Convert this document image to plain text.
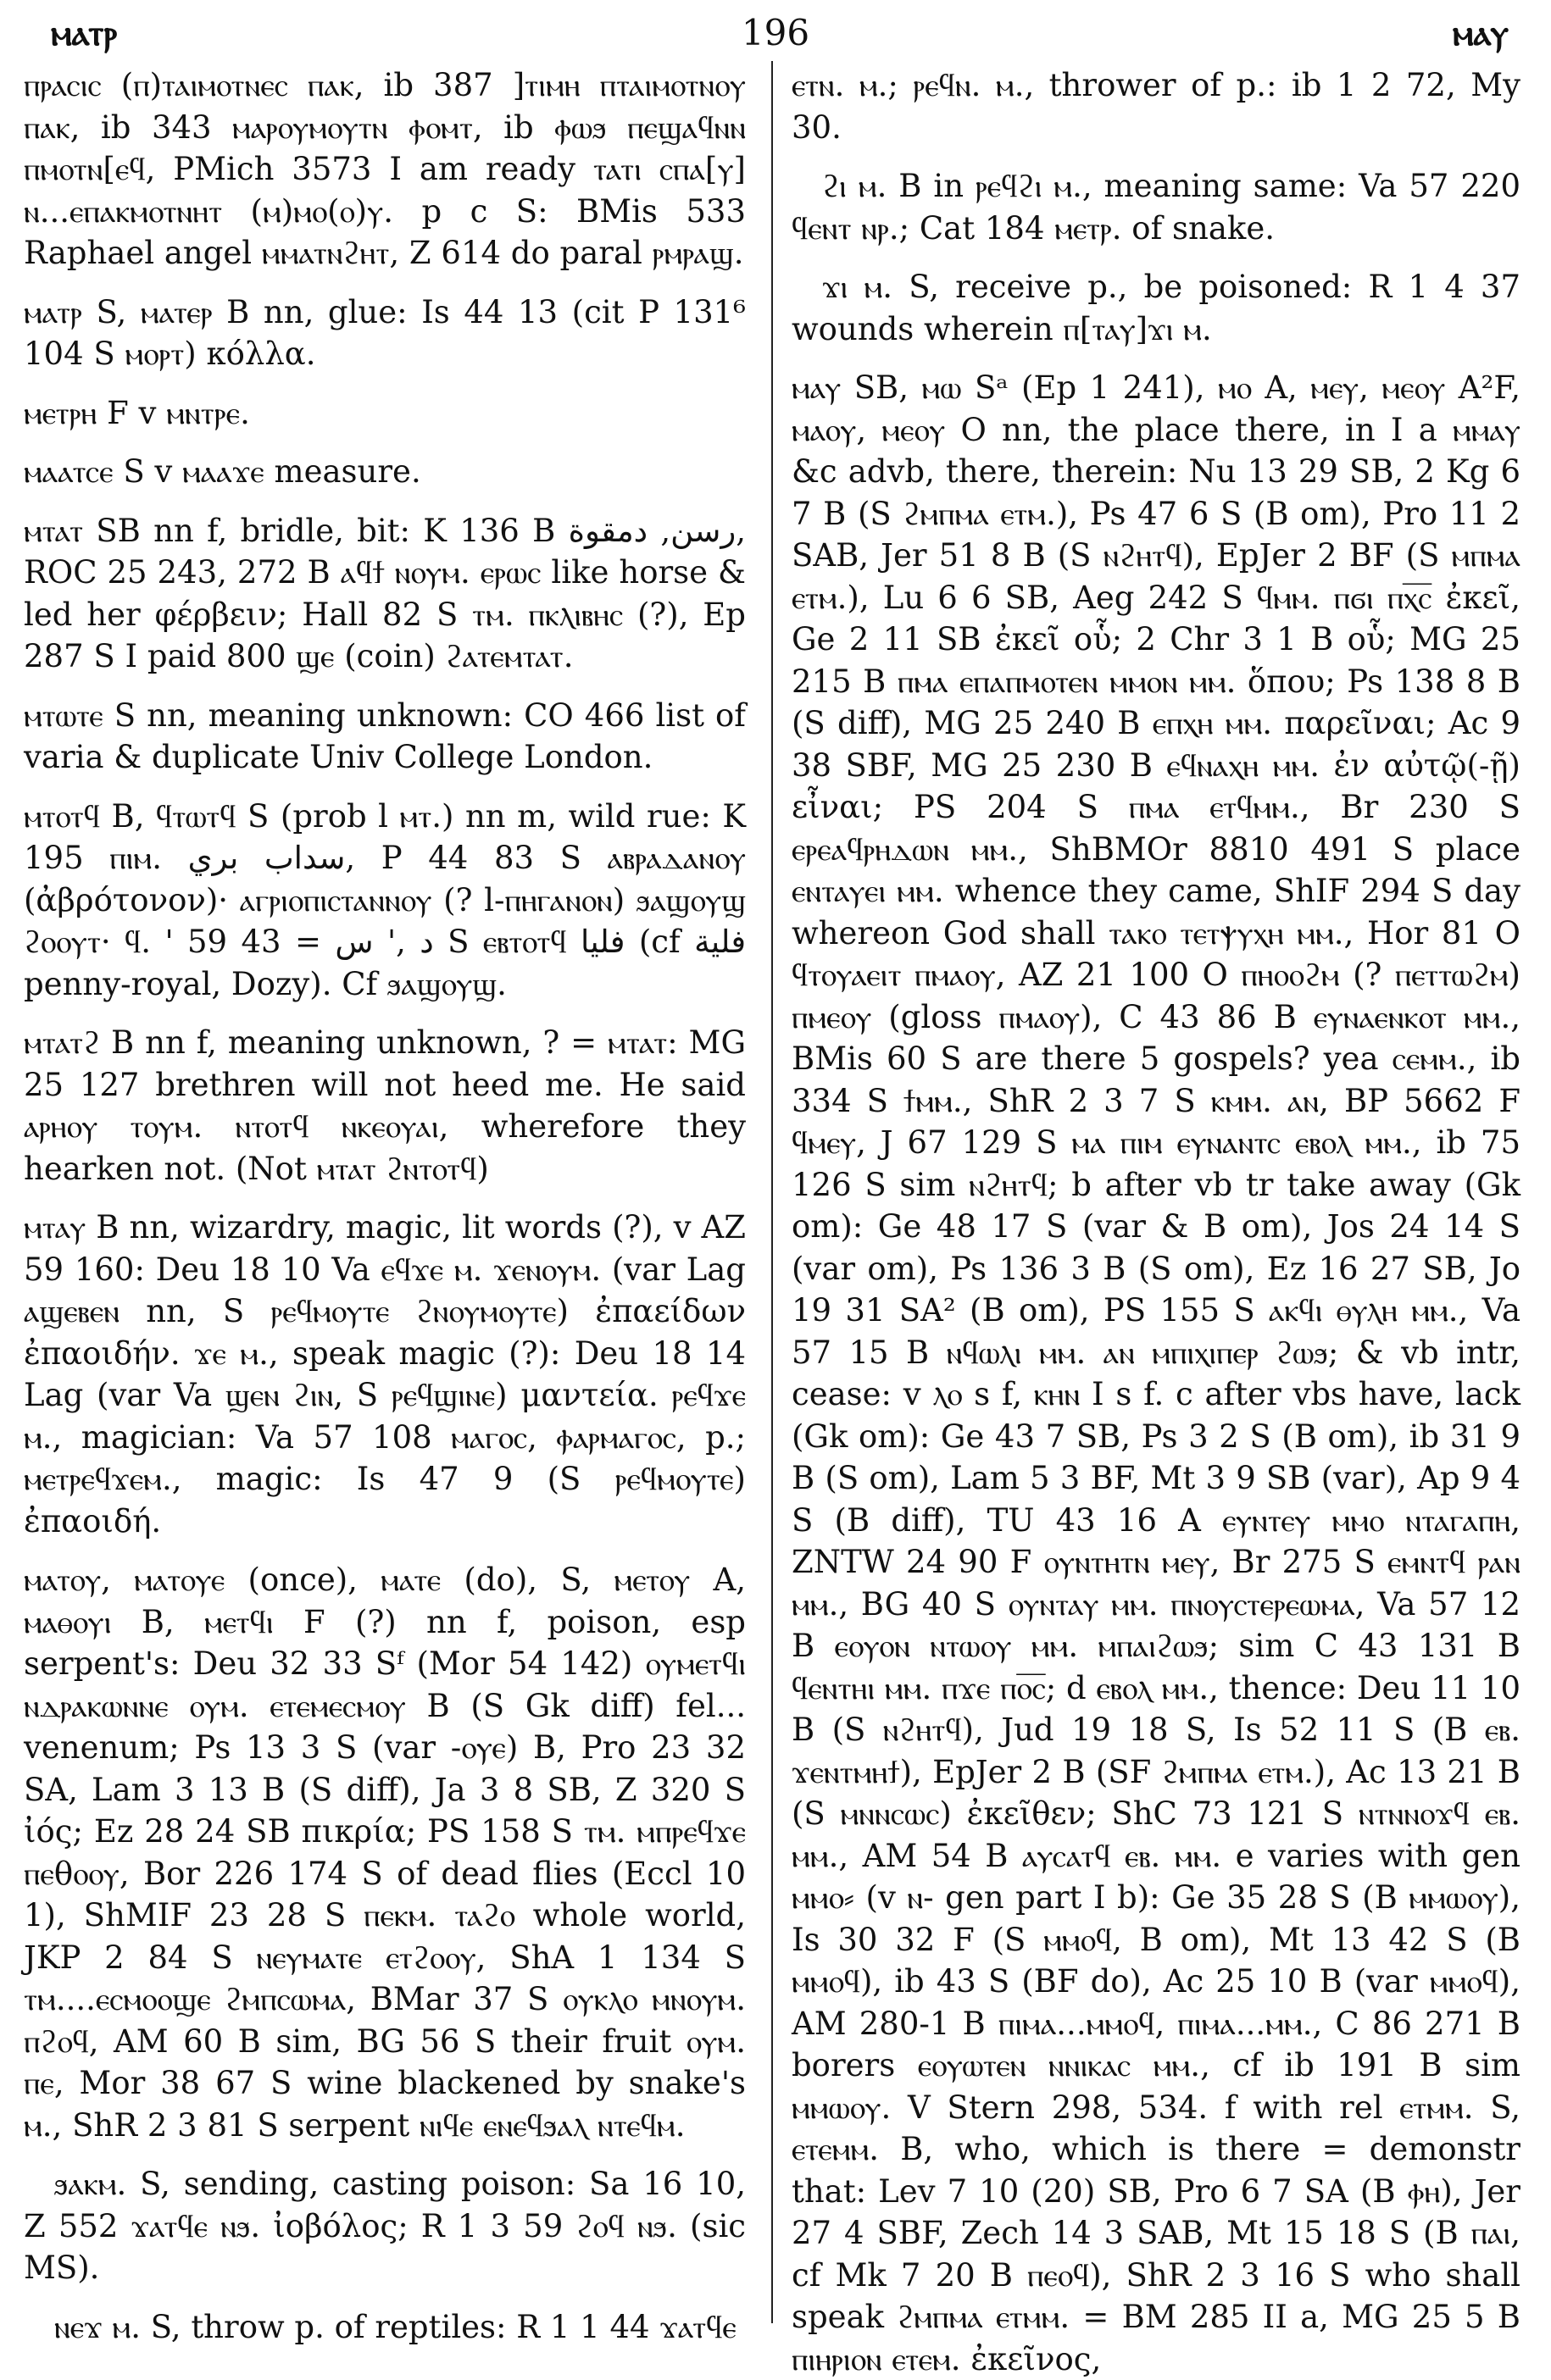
ⲙⲁⲧⲣ	196	ⲙⲁⲩ

ⲡⲣⲁⲥⲓⲥ (ⲡ)ⲧⲁⲓⲙⲟⲧⲛⲉⲥ ⲡⲁⲕ, ib 387 ]ⲧⲓⲙⲏ ⲡⲧⲁⲓⲙⲟⲧⲛⲟⲩ ⲡⲁⲕ, ib 343 ⲙⲁⲣⲟⲩⲙⲟⲩⲧⲛ ⲫⲟⲙⲧ, ib ⲫⲱϧ ⲡⲉϣⲁϥⲛⲛ ⲡⲙⲟⲧⲛ[ⲉϥ, PMich 3573 I am ready ⲧⲁⲧⲓ ⲥⲡⲁ[ⲩ] ⲛ...ⲉⲡⲁⲕⲙⲟⲧⲛⲏⲧ (ⲙ)ⲙⲟ(ⲟ)ⲩ. p c S: BMis 533 Raphael angel ⲙⲙⲁⲧⲛϩⲏⲧ, Z 614 do paral ⲣⲙⲣⲁϣ.

ⲙⲁⲧⲣ S, ⲙⲁⲧⲉⲣ B nn, glue: Is 44 13 (cit P 131⁶ 104 S ⲙⲟⲣⲧ) κόλλα.

ⲙⲉⲧⲣⲏ F v ⲙⲛⲧⲣⲉ.

ⲙⲁⲁⲧⲥⲉ S v ⲙⲁⲁϫⲉ measure.

ⲙⲧⲁⲧ SB nn f, bridle, bit: K 136 B رسن, دمقوة, ROC 25 243, 272 B ⲁϥϯ ⲛⲟⲩⲙ. ⲉⲣⲱⲥ like horse & led her φέρβειν; Hall 82 S ⲧⲙ. ⲡⲕⲗⲓⲃⲏⲥ (?), Ep 287 S I paid 800 ϣⲉ (coin) ϩⲁⲧⲉⲙⲧⲁⲧ.

ⲙⲧⲱⲧⲉ S nn, meaning unknown: CO 466 list of varia & duplicate Univ College London.

ⲙⲧⲟⲧϥ B, ϥⲧⲱⲧϥ S (prob l ⲙⲧ.) nn m, wild rue: K 195 ⲡⲓⲙ. سداب بري, P 44 83 S ⲁⲃⲣⲁⲇⲁⲛⲟⲩ (ἀβρότονον)· ⲁⲅⲣⲓⲟⲡⲓⲥⲧⲁⲛⲛⲟⲩ (? l-ⲡⲏⲅⲁⲛⲟⲛ) ϧⲁϣⲟⲩϣ ϩⲟⲟⲩⲧ· ϥ. ' د ,' س = 43 59 S ⲉⲃⲧⲟⲧϥ فليا (cf فلية penny-royal, Dozy). Cf ϧⲁϣⲟⲩϣ.

ⲙⲧⲁⲧϩ B nn f, meaning unknown, ? = ⲙⲧⲁⲧ: MG 25 127 brethren will not heed me. He said ⲁⲣⲏⲟⲩ ⲧⲟⲩⲙ. ⲛⲧⲟⲧϥ ⲛⲕⲉⲟⲩⲁⲓ, wherefore they hearken not. (Not ⲙⲧⲁⲧ ϩⲛⲧⲟⲧϥ)

ⲙⲧⲁⲩ B nn, wizardry, magic, lit words (?), v AZ 59 160: Deu 18 10 Va ⲉϥϫⲉ ⲙ. ϫⲉⲛⲟⲩⲙ. (var Lag ⲁϣⲉⲃⲉⲛ nn, S ⲣⲉϥⲙⲟⲩⲧⲉ ϩⲛⲟⲩⲙⲟⲩⲧⲉ) ἐπαείδων ἐπαοιδήν. ϫⲉ ⲙ., speak magic (?): Deu 18 14 Lag (var Va ϣⲉⲛ ϩⲓⲛ, S ⲣⲉϥϣⲓⲛⲉ) μαντεία. ⲣⲉϥϫⲉ ⲙ., magician: Va 57 108 ⲙⲁⲅⲟⲥ, ⲫⲁⲣⲙⲁⲅⲟⲥ, p.; ⲙⲉⲧⲣⲉϥϫⲉⲙ., magic: Is 47 9 (S ⲣⲉϥⲙⲟⲩⲧⲉ) ἐπαοιδή.

ⲙⲁⲧⲟⲩ, ⲙⲁⲧⲟⲩⲉ (once), ⲙⲁⲧⲉ (do), S, ⲙⲉⲧⲟⲩ A, ⲙⲁⲑⲟⲩⲓ B, ⲙⲉⲧϥⲓ F (?) nn f, poison, esp serpent's: Deu 32 33 Sᶠ (Mor 54 142) ⲟⲩⲙⲉⲧϥⲓ ⲛⲇⲣⲁⲕⲱⲛⲛⲉ ⲟⲩⲙ. ⲉⲧⲉⲙⲉⲥⲙⲟⲩ B (S Gk diff) fel... venenum; Ps 13 3 S (var -ⲟⲩⲉ) B, Pro 23 32 SA, Lam 3 13 B (S diff), Ja 3 8 SB, Z 320 S ἰός; Ez 28 24 SB πικρία; PS 158 S ⲧⲙ. ⲙⲡⲣⲉϥϫⲉ ⲡⲉθⲟⲟⲩ, Bor 226 174 S of dead flies (Eccl 10 1), ShMIF 23 28 S ⲡⲉⲕⲙ. ⲧⲁϩⲟ whole world, JKP 2 84 S ⲛⲉⲩⲙⲁⲧⲉ ⲉⲧϩⲟⲟⲩ, ShA 1 134 S ⲧⲙ....ⲉⲥⲙⲟⲟϣⲉ ϩⲙⲡⲥⲱⲙⲁ, BMar 37 S ⲟⲩⲕⲗⲟ ⲙⲛⲟⲩⲙ. ⲡϩⲟϥ, AM 60 B sim, BG 56 S their fruit ⲟⲩⲙ. ⲡⲉ, Mor 38 67 S wine blackened by snake's ⲙ., ShR 2 3 81 S serpent ⲛⲓϥⲉ ⲉⲛⲉϥϧⲁⲗ ⲛⲧⲉϥⲙ.

ϧⲁⲕⲙ. S, sending, casting poison: Sa 16 10, Z 552 ϫⲁⲧϥⲉ ⲛϧ. ἰοβόλος; R 1 3 59 ϩⲟϥ ⲛϧ. (sic MS).

ⲛⲉϫ ⲙ. S, throw p. of reptiles: R 1 1 44 ϫⲁⲧϥⲉ

ⲉⲧⲛ. ⲙ.; ⲣⲉϥⲛ. ⲙ., thrower of p.: ib 1 2 72, My 30.

ϩⲓ ⲙ. B in ⲣⲉϥϩⲓ ⲙ., meaning same: Va 57 220 ϥⲉⲛⲧ ⲛⲣ.; Cat 184 ⲙⲉⲧⲣ. of snake.

ϫⲓ ⲙ. S, receive p., be poisoned: R 1 4 37 wounds wherein ⲡ[ⲧⲁⲩ]ϫⲓ ⲙ.

ⲙⲁⲩ SB, ⲙⲱ Sᵃ (Ep 1 241), ⲙⲟ A, ⲙⲉⲩ, ⲙⲉⲟⲩ A²F, ⲙⲁⲟⲩ, ⲙⲉⲟⲩ O nn, the place there, in I a ⲙⲙⲁⲩ &c advb, there, therein: Nu 13 29 SB, 2 Kg 6 7 B (S ϩⲙⲡⲙⲁ ⲉⲧⲙ.), Ps 47 6 S (B om), Pro 11 2 SAB, Jer 51 8 B (S ⲛϩⲏⲧϥ), EpJer 2 BF (S ⲙⲡⲙⲁ ⲉⲧⲙ.), Lu 6 6 SB, Aeg 242 S ϥⲙⲙ. ⲡϭⲓ ⲡⲭ̅ⲥ̅ ἐκεῖ, Ge 2 11 SB ἐκεῖ οὗ; 2 Chr 3 1 B οὗ; MG 25 215 B ⲡⲙⲁ ⲉⲡⲁⲡⲙⲟⲧⲉⲛ ⲙⲙⲟⲛ ⲙⲙ. ὅπου; Ps 138 8 B (S diff), MG 25 240 B ⲉⲡⲭⲏ ⲙⲙ. παρεῖναι; Ac 9 38 SBF, MG 25 230 B ⲉϥⲛⲁⲭⲏ ⲙⲙ. ἐν αὐτῷ(-ῇ) εἶναι; PS 204 S ⲡⲙⲁ ⲉⲧϥⲙⲙ., Br 230 S ⲉⲣⲉⲁϥⲣⲏⲇⲱⲛ ⲙⲙ., ShBMOr 8810 491 S place ⲉⲛⲧⲁⲩⲉⲓ ⲙⲙ. whence they came, ShIF 294 S day whereon God shall ⲧⲁⲕⲟ ⲧⲉⲧⲯⲩⲭⲏ ⲙⲙ., Hor 81 O ϥⲧⲟⲩⲁⲉⲓⲧ ⲡⲙⲁⲟⲩ, AZ 21 100 O ⲡⲏⲟⲟϩⲙ (? ⲡⲉⲧⲧⲱϩⲙ) ⲡⲙⲉⲟⲩ (gloss ⲡⲙⲁⲟⲩ), C 43 86 B ⲉⲩⲛⲁⲉⲛⲕⲟⲧ ⲙⲙ., BMis 60 S are there 5 gospels? yea ⲥⲉⲙⲙ., ib 334 S ϯⲙⲙ., ShR 2 3 7 S ⲕⲙⲙ. ⲁⲛ, BP 5662 F ϥⲙⲉⲩ, J 67 129 S ⲙⲁ ⲡⲓⲙ ⲉⲩⲛⲁⲛⲧⲥ ⲉⲃⲟⲗ ⲙⲙ., ib 75 126 S sim ⲛϩⲏⲧϥ; b after vb tr take away (Gk om): Ge 48 17 S (var & B om), Jos 24 14 S (var om), Ps 136 3 B (S om), Ez 16 27 SB, Jo 19 31 SA² (B om), PS 155 S ⲁⲕϥⲓ ⲑⲩⲗⲏ ⲙⲙ., Va 57 15 B ⲛϥⲱⲗⲓ ⲙⲙ. ⲁⲛ ⲙⲡⲓⲭⲓⲡⲉⲣ ϩⲱϧ; & vb intr, cease: v ⲗⲟ s f, ⲕⲏⲛ I s f. c after vbs have, lack (Gk om): Ge 43 7 SB, Ps 3 2 S (B om), ib 31 9 B (S om), Lam 5 3 BF, Mt 3 9 SB (var), Ap 9 4 S (B diff), TU 43 16 A ⲉⲩⲛⲧⲉⲩ ⲙⲙⲟ ⲛⲧⲁⲅⲁⲡⲏ, ZNTW 24 90 F ⲟⲩⲛⲧⲏⲧⲛ ⲙⲉⲩ, Br 275 S ⲉⲙⲛⲧϥ ⲣⲁⲛ ⲙⲙ., BG 40 S ⲟⲩⲛⲧⲁⲩ ⲙⲙ. ⲡⲛⲟⲩⲥⲧⲉⲣⲉⲱⲙⲁ, Va 57 12 B ⲉⲟⲩⲟⲛ ⲛⲧⲱⲟⲩ ⲙⲙ. ⲙⲡⲁⲓϩⲱϧ; sim C 43 131 B ϥⲉⲛⲧⲏⲓ ⲙⲙ. ⲡϫⲉ ⲡⲟ̅ⲥ̅; d ⲉⲃⲟⲗ ⲙⲙ., thence: Deu 11 10 B (S ⲛϩⲏⲧϥ), Jud 19 18 S, Is 52 11 S (B ⲉⲃ. ϫⲉⲛⲧⲙⲏϯ), EpJer 2 B (SF ϩⲙⲡⲙⲁ ⲉⲧⲙ.), Ac 13 21 B (S ⲙⲛⲛⲥⲱⲥ) ἐκεῖθεν; ShC 73 121 S ⲛⲧⲛⲛⲟϫϥ ⲉⲃ. ⲙⲙ., AM 54 B ⲁⲩⲥⲁⲧϥ ⲉⲃ. ⲙⲙ. e varies with gen ⲙⲙⲟ⸗ (v ⲛ- gen part I b): Ge 35 28 S (B ⲙⲙⲱⲟⲩ), Is 30 32 F (S ⲙⲙⲟϥ, B om), Mt 13 42 S (B ⲙⲙⲟϥ), ib 43 S (BF do), Ac 25 10 B (var ⲙⲙⲟϥ), AM 280-1 B ⲡⲓⲙⲁ...ⲙⲙⲟϥ, ⲡⲓⲙⲁ...ⲙⲙ., C 86 271 B borers ⲉⲟⲩⲱⲧⲉⲛ ⲛⲛⲓⲕⲁⲥ ⲙⲙ., cf ib 191 B sim ⲙⲙⲱⲟⲩ. V Stern 298, 534. f with rel ⲉⲧⲙⲙ. S, ⲉⲧⲉⲙⲙ. B, who, which is there = demonstr that: Lev 7 10 (20) SB, Pro 6 7 SA (B ⲫⲏ), Jer 27 4 SBF, Zech 14 3 SAB, Mt 15 18 S (B ⲡⲁⲓ, cf Mk 7 20 B ⲡⲉⲟϥ), ShR 2 3 16 S who shall speak ϩⲙⲡⲙⲁ ⲉⲧⲙⲙ. = BM 285 II a, MG 25 5 B ⲡⲓⲏⲣⲓⲟⲛ ⲉⲧⲉⲙ. ἐκεῖνος,
